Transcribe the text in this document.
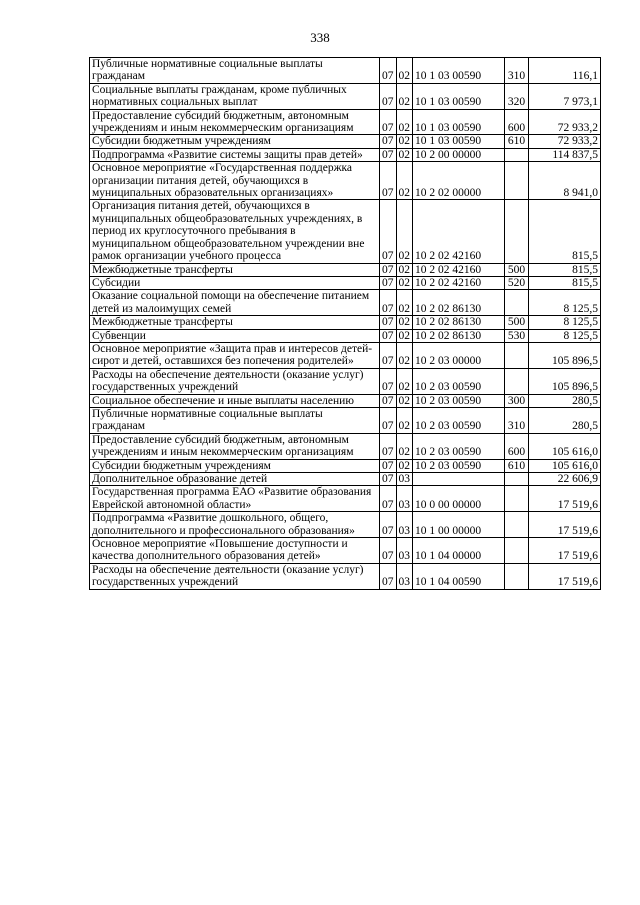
338
Публичные нормативные социальные выплаты гражданам	07	02	10 1 03 00590	310	116,1
Социальные выплаты гражданам, кроме публичных нормативных социальных выплат	07	02	10 1 03 00590	320	7 973,1
Предоставление субсидий бюджетным, автономным учреждениям и иным некоммерческим организациям	07	02	10 1 03 00590	600	72 933,2
Субсидии бюджетным учреждениям	07	02	10 1 03 00590	610	72 933,2
Подпрограмма «Развитие системы защиты прав детей»	07	02	10 2 00 00000		114 837,5
Основное мероприятие «Государственная поддержка организации питания детей, обучающихся в муниципальных образовательных организациях»	07	02	10 2 02 00000		8 941,0
Организация питания детей, обучающихся в муниципальных общеобразовательных учреждениях, в период их круглосуточного пребывания в муниципальном общеобразовательном учреждении вне рамок организации учебного процесса	07	02	10 2 02 42160		815,5
Межбюджетные трансферты	07	02	10 2 02 42160	500	815,5
Субсидии	07	02	10 2 02 42160	520	815,5
Оказание социальной помощи на обеспечение питанием детей из малоимущих семей	07	02	10 2 02 86130		8 125,5
Межбюджетные трансферты	07	02	10 2 02 86130	500	8 125,5
Субвенции	07	02	10 2 02 86130	530	8 125,5
Основное мероприятие «Защита прав и интересов детей-сирот и детей, оставшихся без попечения родителей»	07	02	10 2 03 00000		105 896,5
Расходы на обеспечение деятельности (оказание услуг) государственных учреждений	07	02	10 2 03 00590		105 896,5
Социальное обеспечение и иные выплаты населению	07	02	10 2 03 00590	300	280,5
Публичные нормативные социальные выплаты гражданам	07	02	10 2 03 00590	310	280,5
Предоставление субсидий бюджетным, автономным учреждениям и иным некоммерческим организациям	07	02	10 2 03 00590	600	105 616,0
Субсидии бюджетным учреждениям	07	02	10 2 03 00590	610	105 616,0
Дополнительное образование детей	07	03			22 606,9
Государственная программа ЕАО «Развитие образования Еврейской автономной области»	07	03	10 0 00 00000		17 519,6
Подпрограмма «Развитие дошкольного, общего, дополнительного и профессионального образования»	07	03	10 1 00 00000		17 519,6
Основное мероприятие «Повышение доступности и качества дополнительного образования детей»	07	03	10 1 04 00000		17 519,6
Расходы на обеспечение деятельности (оказание услуг) государственных учреждений	07	03	10 1 04 00590		17 519,6
